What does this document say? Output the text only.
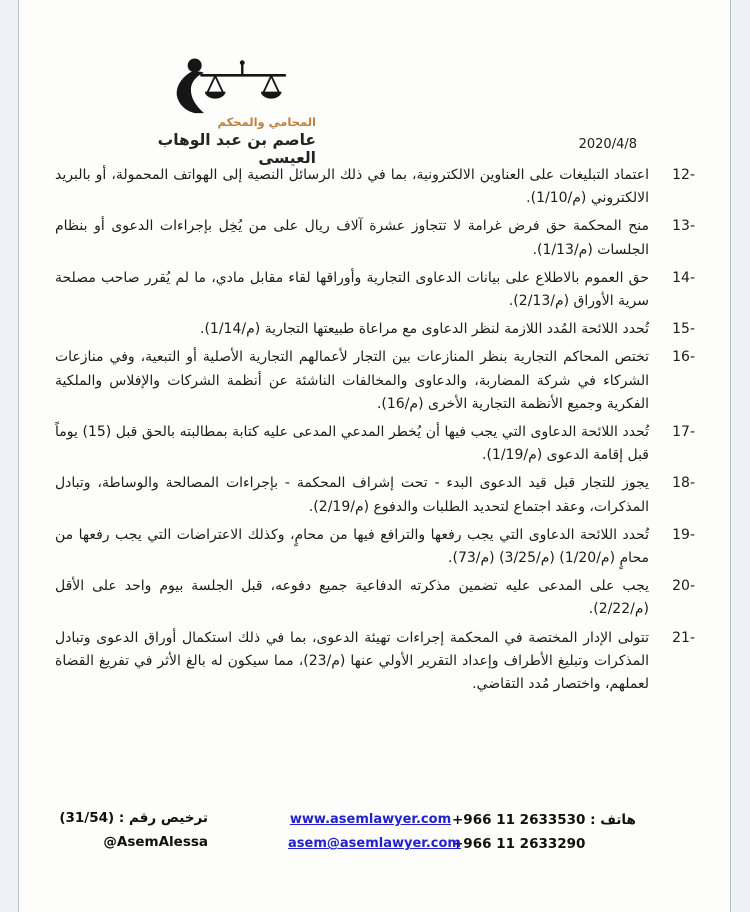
المحامي والمحكم
عاصم بن عبد الوهاب العيسى
2020/4/8
12-
اعتماد التبليغات على العناوين الالكترونية، بما في ذلك الرسائل النصية إلى الهواتف المحمولة، أو بالبريد الالكتروني (م/1/10).
13-
منح المحكمة حق فرض غرامة لا تتجاوز عشرة آلاف ريال على من يُخِل بإجراءات الدعوى أو بنظام الجلسات (م/1/13).
14-
حق العموم بالاطلاع على بيانات الدعاوى التجارية وأوراقها لقاء مقابل مادي، ما لم يُقرر صاحب مصلحة سرية الأوراق (م/2/13).
15-
تُحدد اللائحة المُدد اللازمة لنظر الدعاوى مع مراعاة طبيعتها التجارية (م/1/14).
16-
تختص المحاكم التجارية بنظر المنازعات بين التجار لأعمالهم التجارية الأصلية أو التبعية، وفي منازعات الشركاء في شركة المضاربة، والدعاوى والمخالفات الناشئة عن أنظمة الشركات والإفلاس والملكية الفكرية وجميع الأنظمة التجارية الأخرى (م/16).
17-
تُحدد اللائحة الدعاوى التي يجب فيها أن يُخطر المدعي المدعى عليه كتابة بمطالبته بالحق قبل (15) يوماً قبل إقامة الدعوى (م/1/19).
18-
يجوز للتجار قبل قيد الدعوى البدء - تحت إشراف المحكمة - بإجراءات المصالحة والوساطة، وتبادل المذكرات، وعقد اجتماع لتحديد الطلبات والدفوع (م/2/19).
19-
تُحدد اللائحة الدعاوى التي يجب رفعها والترافع فيها من محامٍ، وكذلك الاعتراضات التي يجب رفعها من محامٍ (م/1/20) (م/3/25) (م/73).
20-
يجب على المدعى عليه تضمين مذكرته الدفاعية جميع دفوعه، قبل الجلسة بيوم واحد على الأقل (م/2/22).
21-
تتولى الإدار المختصة في المحكمة إجراءات تهيئة الدعوى، بما في ذلك استكمال أوراق الدعوى وتبادل المذكرات وتبليغ الأطراف وإعداد التقرير الأولي عنها (م/23)، مما سيكون له بالغ الأثر في تفريغ القضاة لعملهم، واختصار مُدد التقاضي.
هاتف : +966 11 2633530
+966 11 2633290
www.asemlawyer.com
asem@asemlawyer.com
ترخيص رقم : (31/54)
@AsemAlessa
